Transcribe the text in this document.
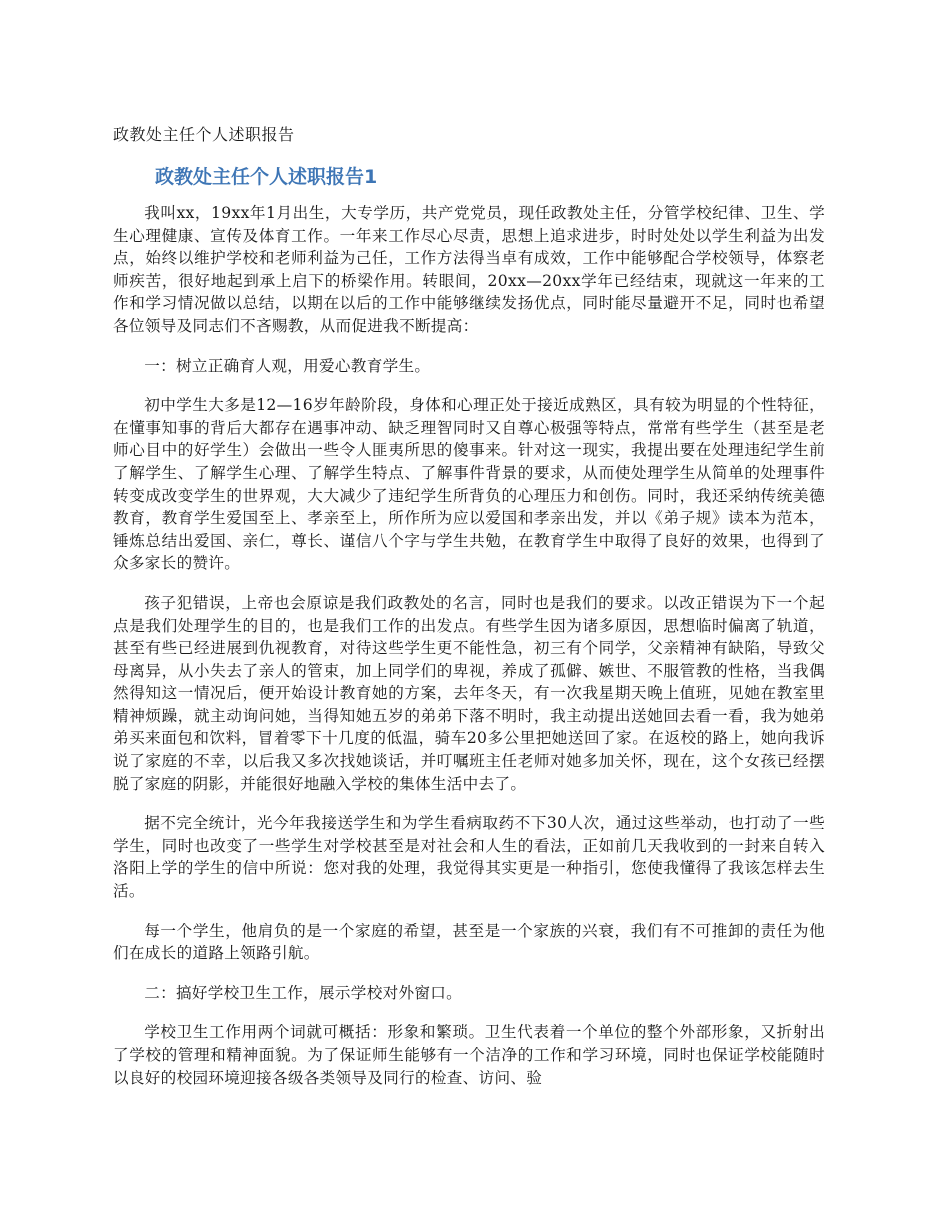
政教处主任个人述职报告
政教处主任个人述职报告1

我叫xx，19xx年1月出生，大专学历，共产党党员，现任政教处主任，分管学校纪律、卫生、学生心理健康、宣传及体育工作。一年来工作尽心尽责，思想上追求进步，时时处处以学生利益为出发点，始终以维护学校和老师利益为己任，工作方法得当卓有成效，工作中能够配合学校领导，体察老师疾苦，很好地起到承上启下的桥梁作用。转眼间，20xx—20xx学年已经结束，现就这一年来的工作和学习情况做以总结，以期在以后的工作中能够继续发扬优点，同时能尽量避开不足，同时也希望各位领导及同志们不吝赐教，从而促进我不断提高：

一：树立正确育人观，用爱心教育学生。

初中学生大多是12—16岁年龄阶段，身体和心理正处于接近成熟区，具有较为明显的个性特征，在懂事知事的背后大都存在遇事冲动、缺乏理智同时又自尊心极强等特点，常常有些学生（甚至是老师心目中的好学生）会做出一些令人匪夷所思的傻事来。针对这一现实，我提出要在处理违纪学生前了解学生、了解学生心理、了解学生特点、了解事件背景的要求，从而使处理学生从简单的处理事件转变成改变学生的世界观，大大减少了违纪学生所背负的心理压力和创伤。同时，我还采纳传统美德教育，教育学生爱国至上、孝亲至上，所作所为应以爱国和孝亲出发，并以《弟子规》读本为范本，锤炼总结出爱国、亲仁，尊长、谨信八个字与学生共勉，在教育学生中取得了良好的效果，也得到了众多家长的赞许。

孩子犯错误，上帝也会原谅是我们政教处的名言，同时也是我们的要求。以改正错误为下一个起点是我们处理学生的目的，也是我们工作的出发点。有些学生因为诸多原因，思想临时偏离了轨道，甚至有些已经进展到仇视教育，对待这些学生更不能性急，初三有个同学，父亲精神有缺陷，导致父母离异，从小失去了亲人的管束，加上同学们的卑视，养成了孤僻、嫉世、不服管教的性格，当我偶然得知这一情况后，便开始设计教育她的方案，去年冬天，有一次我星期天晚上值班，见她在教室里精神烦躁，就主动询问她，当得知她五岁的弟弟下落不明时，我主动提出送她回去看一看，我为她弟弟买来面包和饮料，冒着零下十几度的低温，骑车20多公里把她送回了家。在返校的路上，她向我诉说了家庭的不幸，以后我又多次找她谈话，并叮嘱班主任老师对她多加关怀，现在，这个女孩已经摆脱了家庭的阴影，并能很好地融入学校的集体生活中去了。

据不完全统计，光今年我接送学生和为学生看病取药不下30人次，通过这些举动，也打动了一些学生，同时也改变了一些学生对学校甚至是对社会和人生的看法，正如前几天我收到的一封来自转入洛阳上学的学生的信中所说：您对我的处理，我觉得其实更是一种指引，您使我懂得了我该怎样去生活。

每一个学生，他肩负的是一个家庭的希望，甚至是一个家族的兴衰，我们有不可推卸的责任为他们在成长的道路上领路引航。

二：搞好学校卫生工作，展示学校对外窗口。

学校卫生工作用两个词就可概括：形象和繁琐。卫生代表着一个单位的整个外部形象，又折射出了学校的管理和精神面貌。为了保证师生能够有一个洁净的工作和学习环境，同时也保证学校能随时以良好的校园环境迎接各级各类领导及同行的检查、访问、验
